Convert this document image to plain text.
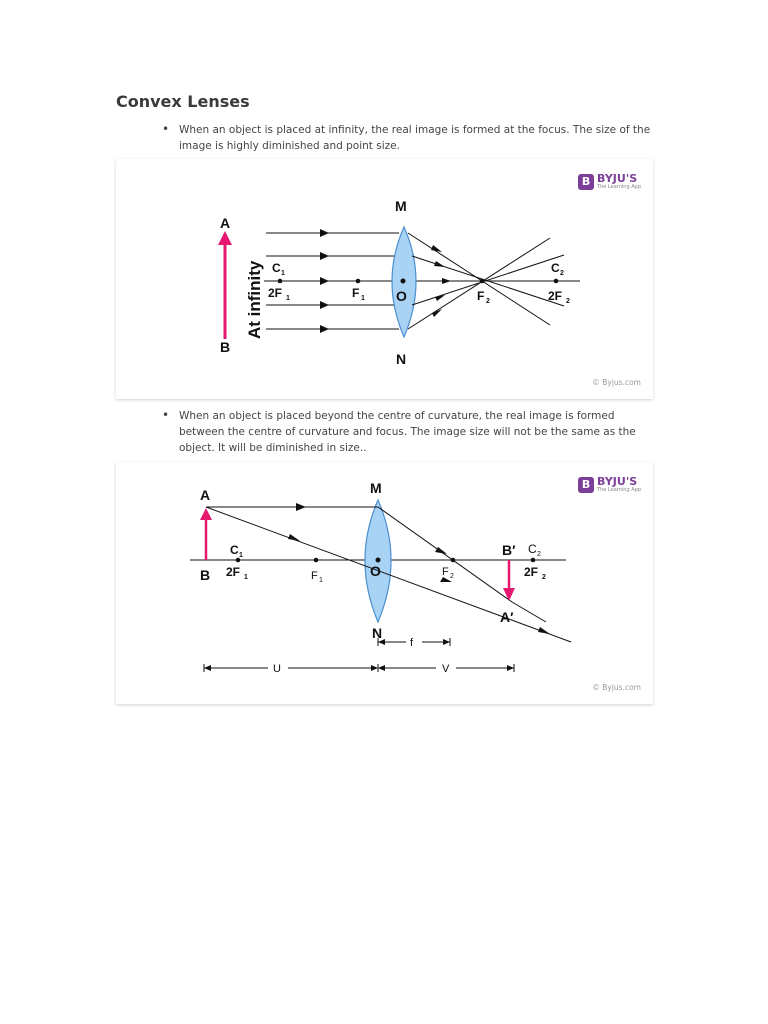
Convex Lenses
• When an object is placed at infinity, the real image is formed at the focus. The size of the image is highly diminished and point size.
B BYJU'S
The Learning App
A
B
At infinity
M
N
O
C 1
2F 1	F 1	F 2
C 2
2F 2
© Byjus.com
• When an object is placed beyond the centre of curvature, the real image is formed between the centre of curvature and focus. The image size will not be the same as the object. It will be diminished in size..
B BYJU'S
The Learning App
A
B
M
N
O
C 1
2F 1	F 1
F 2
B′
A′
C 2
2F 2
f
U	V
© Byjus.com
